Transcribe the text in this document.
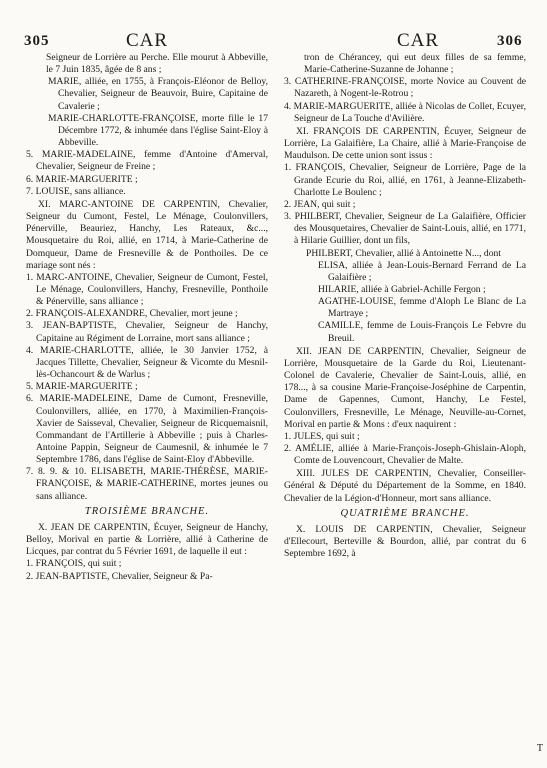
305	CAR	CAR	306

Seigneur de Lorrière au Perche. Elle mourut à Abbeville, le 7 Juin 1835, âgée de 8 ans ;

MARIE, alliée, en 1755, à François-Eléonor de Belloy, Chevalier, Seigneur de Beauvoir, Buire, Capitaine de Cavalerie ;

MARIE-CHARLOTTE-FRANÇOISE, morte fille le 17 Décembre 1772, & inhumée dans l'église Saint-Eloy à Abbeville.

5. MARIE-MADELAINE, femme d'Antoine d'Amerval, Chevalier, Seigneur de Freine ;

6. MARIE-MARGUERITE ;

7. LOUISE, sans alliance.

XI. MARC-ANTOINE DE CARPENTIN, Chevalier, Seigneur du Cumont, Festel, Le Ménage, Coulonvillers, Pénerville, Beauriez, Hanchy, Les Rateaux, &c..., Mousquetaire du Roi, allié, en 1714, à Marie-Catherine de Domqueur, Dame de Fresneville & de Ponthoiles. De ce mariage sont nés :

1. MARC-ANTOINE, Chevalier, Seigneur de Cumont, Festel, Le Ménage, Coulonvillers, Hanchy, Fresneville, Ponthoile & Pénerville, sans alliance ;

2. FRANÇOIS-ALEXANDRE, Chevalier, mort jeune ;

3. JEAN-BAPTISTE, Chevalier, Seigneur de Hanchy, Capitaine au Régiment de Lorraine, mort sans alliance ;

4. MARIE-CHARLOTTE, alliée, le 30 Janvier 1752, à Jacques Tillette, Chevalier, Seigneur & Vicomte du Mesnil-lès-Ochancourt & de Warlus ;

5. MARIE-MARGUERITE ;

6. MARIE-MADELEINE, Dame de Cumont, Fresneville, Coulonvillers, alliée, en 1770, à Maximilien-François-Xavier de Saisseval, Chevalier, Seigneur de Ricquemaisnil, Commandant de l'Artillerie à Abbeville ; puis à Charles-Antoine Pappin, Seigneur de Caumesnil, & inhumée le 7 Septembre 1786, dans l'église de Saint-Eloy d'Abbeville.

7. 8. 9. & 10. ELISABETH, MARIE-THÉRÈSE, MARIE-FRANÇOISE, & MARIE-CATHERINE, mortes jeunes ou sans alliance.

TROISIÈME BRANCHE.

X. JEAN DE CARPENTIN, Écuyer, Seigneur de Hanchy, Belloy, Morival en partie & Lorrière, allié à Catherine de Licques, par contrat du 5 Février 1691, de laquelle il eut :

1. FRANÇOIS, qui suit ;

2. JEAN-BAPTISTE, Chevalier, Seigneur & Pa-

tron de Chérancey, qui eut deux filles de sa femme, Marie-Catherine-Suzanne de Johanne ;

3. CATHERINE-FRANÇOISE, morte Novice au Couvent de Nazareth, à Nogent-le-Rotrou ;

4. MARIE-MARGUERITE, alliée à Nicolas de Collet, Ecuyer, Seigneur de La Touche d'Avilière.

XI. FRANÇOIS DE CARPENTIN, Écuyer, Seigneur de Lorrière, La Galaifière, La Chaire, allié à Marie-Françoise de Maudulson. De cette union sont issus :

1. FRANÇOIS, Chevalier, Seigneur de Lorrière, Page de la Grande Ecurie du Roi, allié, en 1761, à Jeanne-Elizabeth-Charlotte Le Boulenc ;

2. JEAN, qui suit ;

3. PHILBERT, Chevalier, Seigneur de La Galaifière, Officier des Mousquetaires, Chevalier de Saint-Louis, allié, en 1771, à Hilarie Guillier, dont un fils,

PHILBERT, Chevalier, allié à Antoinette N..., dont

ELISA, alliée à Jean-Louis-Bernard Ferrand de La Galaifière ;

HILARIE, alliée à Gabriel-Achille Fergon ;

AGATHE-LOUISE, femme d'Aloph Le Blanc de La Martraye ;

CAMILLE, femme de Louis-François Le Febvre du Breuil.

XII. JEAN DE CARPENTIN, Chevalier, Seigneur de Lorrière, Mousquetaire de la Garde du Roi, Lieutenant-Colonel de Cavalerie, Chevalier de Saint-Louis, allié, en 178..., à sa cousine Marie-Françoise-Joséphine de Carpentin, Dame de Gapennes, Cumont, Hanchy, Le Festel, Coulonvillers, Fresneville, Le Ménage, Neuville-au-Cornet, Morival en partie & Mons : d'eux naquirent :

1. JULES, qui suit ;

2. AMÉLIE, alliée à Marie-François-Joseph-Ghislain-Aloph, Comte de Louvencourt, Chevalier de Malte.

XIII. JULES DE CARPENTIN, Chevalier, Conseiller-Général & Député du Département de la Somme, en 1840. Chevalier de la Légion-d'Honneur, mort sans alliance.

QUATRIÈME BRANCHE.

X. LOUIS DE CARPENTIN, Chevalier, Seigneur d'Ellecourt, Berteville & Bourdon, allié, par contrat du 6 Septembre 1692, à

T
